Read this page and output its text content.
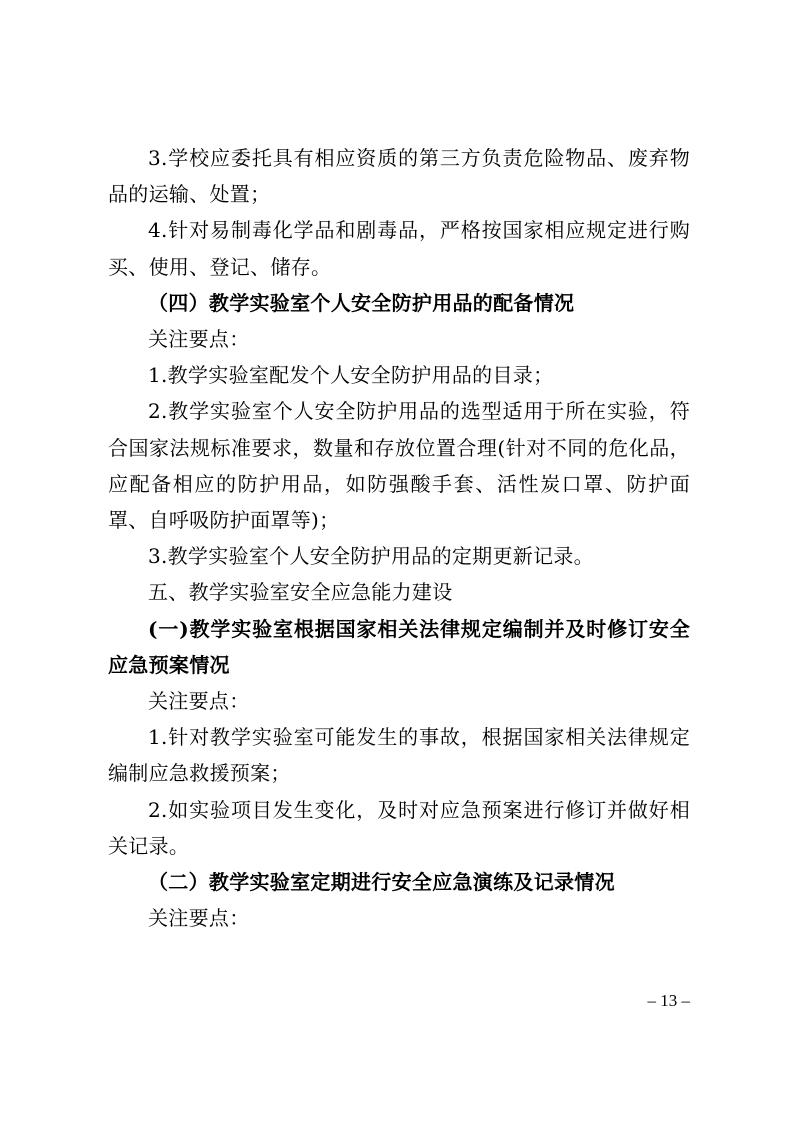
3.学校应委托具有相应资质的第三方负责危险物品、废弃物品的运输、处置；

4.针对易制毒化学品和剧毒品，严格按国家相应规定进行购买、使用、登记、储存。

（四）教学实验室个人安全防护用品的配备情况

关注要点：

1.教学实验室配发个人安全防护用品的目录；

2.教学实验室个人安全防护用品的选型适用于所在实验，符合国家法规标准要求，数量和存放位置合理(针对不同的危化品，应配备相应的防护用品，如防强酸手套、活性炭口罩、防护面罩、自呼吸防护面罩等)；

3.教学实验室个人安全防护用品的定期更新记录。

五、教学实验室安全应急能力建设

(一)教学实验室根据国家相关法律规定编制并及时修订安全应急预案情况

关注要点：

1.针对教学实验室可能发生的事故，根据国家相关法律规定编制应急救援预案；

2.如实验项目发生变化，及时对应急预案进行修订并做好相关记录。

（二）教学实验室定期进行安全应急演练及记录情况

关注要点：

– 13 –
